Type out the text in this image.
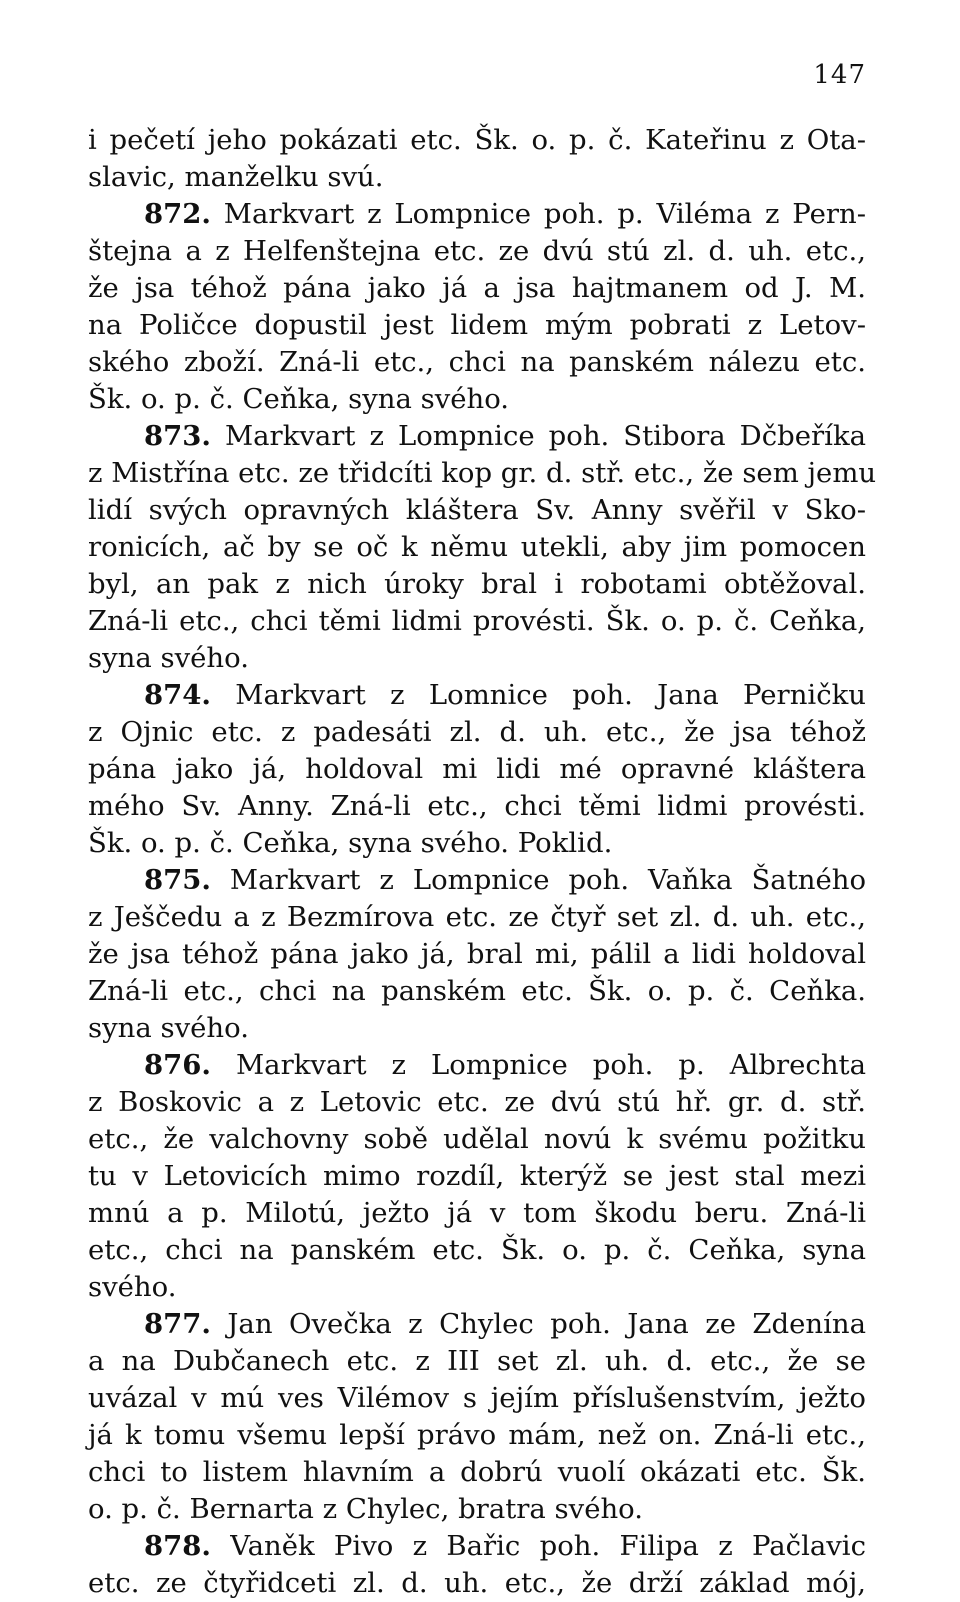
147
i pečetí jeho pokázati etc. Šk. o. p. č. Kateřinu z Ota-
slavic, manželku svú.
872. Markvart z Lompnice poh. p. Viléma z Pern-
štejna a z Helfenštejna etc. ze dvú stú zl. d. uh. etc.,
že jsa téhož pána jako já a jsa hajtmanem od J. M.
na Poličce dopustil jest lidem mým pobrati z Letov-
ského zboží. Zná-li etc., chci na panském nálezu etc.
Šk. o. p. č. Ceňka, syna svého.
873. Markvart z Lompnice poh. Stibora Dčbeříka
z Mistřína etc. ze třidcíti kop gr. d. stř. etc., že sem jemu
lidí svých opravných kláštera Sv. Anny svěřil v Sko-
ronicích, ač by se oč k němu utekli, aby jim pomocen
byl, an pak z nich úroky bral i robotami obtěžoval.
Zná-li etc., chci těmi lidmi provésti. Šk. o. p. č. Ceňka,
syna svého.
874. Markvart z Lomnice poh. Jana Perničku
z Ojnic etc. z padesáti zl. d. uh. etc., že jsa téhož
pána jako já, holdoval mi lidi mé opravné kláštera
mého Sv. Anny. Zná-li etc., chci těmi lidmi provésti.
Šk. o. p. č. Ceňka, syna svého. Poklid.
875. Markvart z Lompnice poh. Vaňka Šatného
z Ješčedu a z Bezmírova etc. ze čtyř set zl. d. uh. etc.,
že jsa téhož pána jako já, bral mi, pálil a lidi holdoval
Zná-li etc., chci na panském etc. Šk. o. p. č. Ceňka.
syna svého.
876. Markvart z Lompnice poh. p. Albrechta
z Boskovic a z Letovic etc. ze dvú stú hř. gr. d. stř.
etc., že valchovny sobě udělal novú k svému požitku
tu v Letovicích mimo rozdíl, kterýž se jest stal mezi
mnú a p. Milotú, ježto já v tom škodu beru. Zná-li
etc., chci na panském etc. Šk. o. p. č. Ceňka, syna
svého.
877. Jan Ovečka z Chylec poh. Jana ze Zdenína
a na Dubčanech etc. z III set zl. uh. d. etc., že se
uvázal v mú ves Vilémov s jejím příslušenstvím, ježto
já k tomu všemu lepší právo mám, než on. Zná-li etc.,
chci to listem hlavním a dobrú vuolí okázati etc. Šk.
o. p. č. Bernarta z Chylec, bratra svého.
878. Vaněk Pivo z Bařic poh. Filipa z Pačlavic
etc. ze čtyřidceti zl. d. uh. etc., že drží základ mój,
